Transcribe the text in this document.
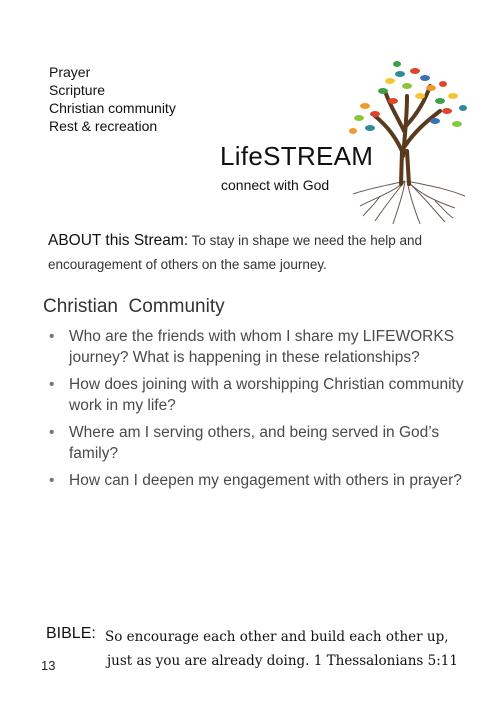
Prayer
Scripture
Christian community
Rest & recreation
LifeSTREAM
connect with God
ABOUT this Stream: To stay in shape we need the help and encouragement of others on the same journey.
Christian  Community
• Who are the friends with whom I share my LIFEWORKS journey? What is happening in these relationships?
• How does joining with a worshipping Christian community work in my life?
• Where am I serving others, and being served in God’s family?
• How can I deepen my engagement with others in prayer?
BIBLE: So encourage each other and build each other up,
just as you are already doing. 1 Thessalonians 5:11
13
